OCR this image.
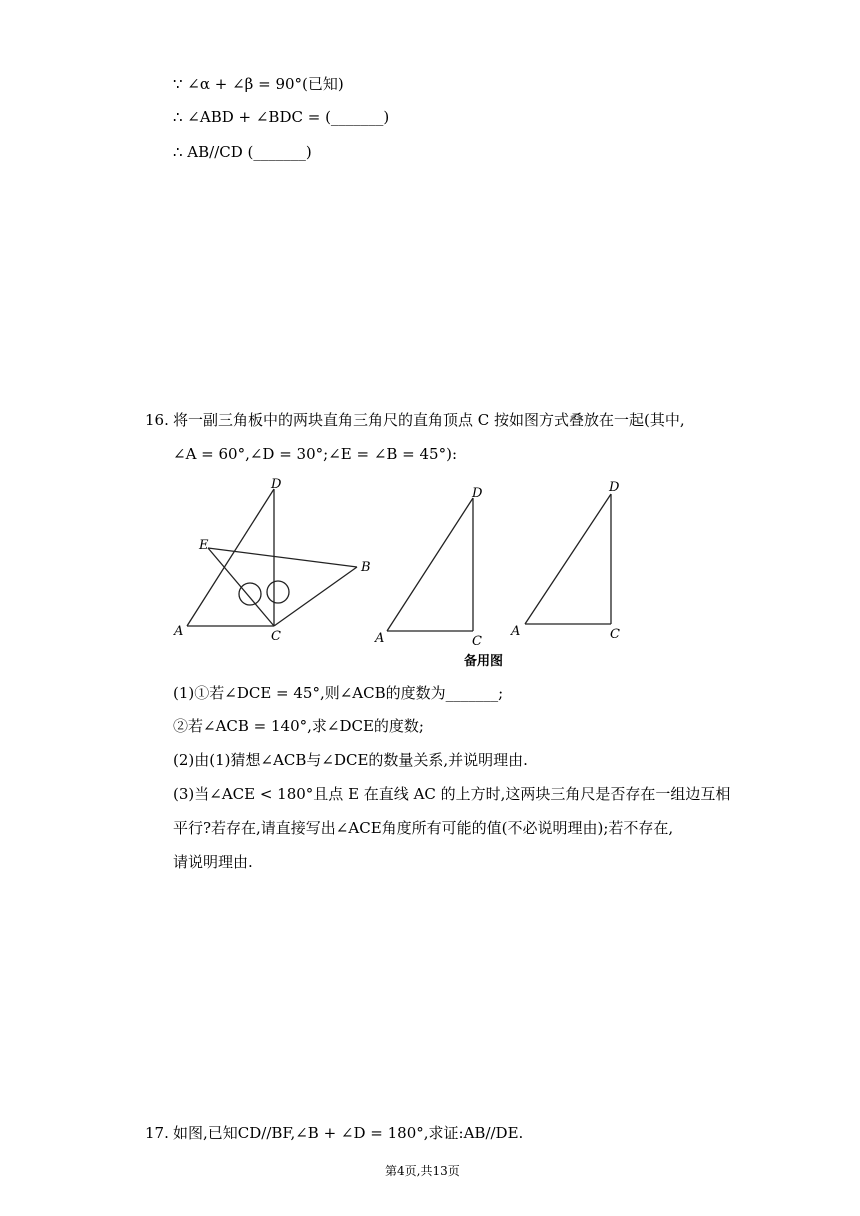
∵ ∠α + ∠β = 90°(已知)
∴ ∠ABD + ∠BDC = (_______)
∴ AB//CD (_______)
16. 将一副三角板中的两块直角三角尺的直角顶点 C 按如图方式叠放在一起(其中,
∠A = 60°,∠D = 30°;∠E = ∠B = 45°):
D
E
B
A	C
D
A	C
D
A	C
备用图
(1)①若∠DCE = 45°,则∠ACB的度数为_______;
②若∠ACB = 140°,求∠DCE的度数;
(2)由(1)猜想∠ACB与∠DCE的数量关系,并说明理由.
(3)当∠ACE < 180°且点 E 在直线 AC 的上方时,这两块三角尺是否存在一组边互相
平行?若存在,请直接写出∠ACE角度所有可能的值(不必说明理由);若不存在,
请说明理由.
17. 如图,已知CD//BF,∠B + ∠D = 180°,求证:AB//DE.
第4页,共13页
